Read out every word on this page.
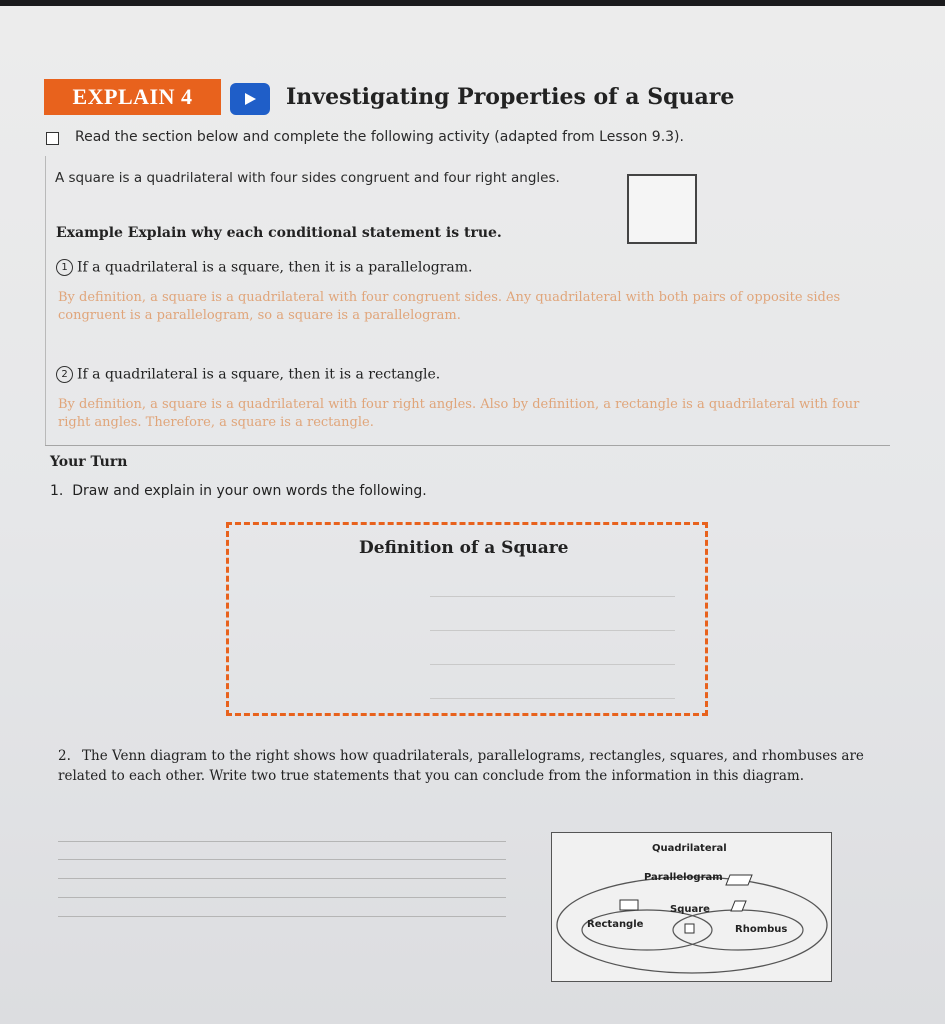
EXPLAIN 4	Investigating Properties of a Square
Read the section below and complete the following activity (adapted from Lesson 9.3).
A square is a quadrilateral with four sides congruent and four right angles.
Example Explain why each conditional statement is true.
1 If a quadrilateral is a square, then it is a parallelogram.
By definition, a square is a quadrilateral with four congruent sides. Any quadrilateral with both pairs of opposite sides congruent is a parallelogram, so a square is a parallelogram.
2 If a quadrilateral is a square, then it is a rectangle.
By definition, a square is a quadrilateral with four right angles. Also by definition, a rectangle is a quadrilateral with four right angles. Therefore, a square is a rectangle.
Your Turn
1. Draw and explain in your own words the following.
Definition of a Square
2. The Venn diagram to the right shows how quadrilaterals, parallelograms, rectangles, squares, and rhombuses are related to each other. Write two true statements that you can conclude from the information in this diagram.
Quadrilateral
Parallelogram
Square
Rectangle	Rhombus
